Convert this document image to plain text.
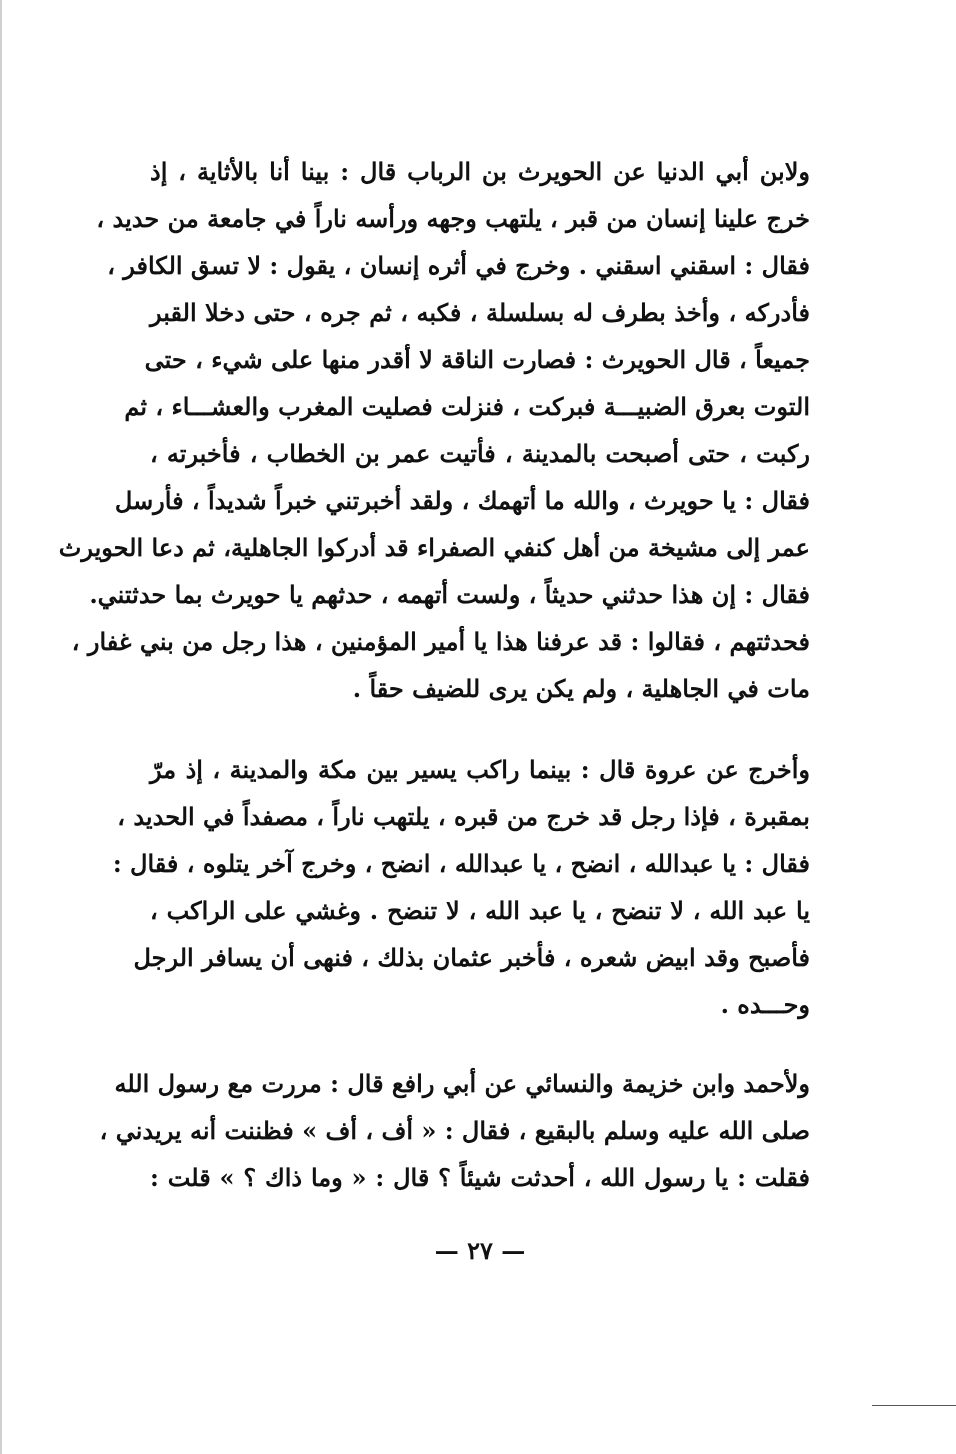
ولابن أبي الدنيا عن الحويرث بن الرباب قال : بينا أنا بالأثاية ، إذ
خرج علينا إنسان من قبر ، يلتهب وجهه ورأسه ناراً في جامعة من حديد ،
فقال : اسقني اسقني . وخرج في أثره إنسان ، يقول : لا تسق الكافر ،
فأدركه ، وأخذ بطرف له بسلسلة ، فكبه ، ثم جره ، حتى دخلا القبر
جميعاً ، قال الحويرث : فصارت الناقة لا أقدر منها على شيء ، حتى
التوت بعرق الضبيـــة فبركت ، فنزلت فصليت المغرب والعشـــاء ، ثم
ركبت ، حتى أصبحت بالمدينة ، فأتيت عمر بن الخطاب ، فأخبرته ،
فقال : يا حويرث ، والله ما أتهمك ، ولقد أخبرتني خبراً شديداً ، فأرسل
عمر إلى مشيخة من أهل كنفي الصفراء قد أدركوا الجاهلية، ثم دعا الحويرث
فقال : إن هذا حدثني حديثاً ، ولست أتهمه ، حدثهم يا حويرث بما حدثتني.
فحدثتهم ، فقالوا : قد عرفنا هذا يا أمير المؤمنين ، هذا رجل من بني غفار ،
مات في الجاهلية ، ولم يكن يرى للضيف حقاً .
وأخرج عن عروة قال : بينما راكب يسير بين مكة والمدينة ، إذ مرّ
بمقبرة ، فإذا رجل قد خرج من قبره ، يلتهب ناراً ، مصفداً في الحديد ،
فقال : يا عبدالله ، انضح ، يا عبدالله ، انضح ، وخرج آخر يتلوه ، فقال :
يا عبد الله ، لا تنضح ، يا عبد الله ، لا تنضح . وغشي على الراكب ،
فأصبح وقد ابيض شعره ، فأخبر عثمان بذلك ، فنهى أن يسافر الرجل
وحـــده .
ولأحمد وابن خزيمة والنسائي عن أبي رافع قال : مررت مع رسول الله
صلى الله عليه وسلم بالبقيع ، فقال : « أف ، أف » فظننت أنه يريدني ،
فقلت : يا رسول الله ، أحدثت شيئاً ؟ قال : « وما ذاك ؟ » قلت :
— ٢٧ —
